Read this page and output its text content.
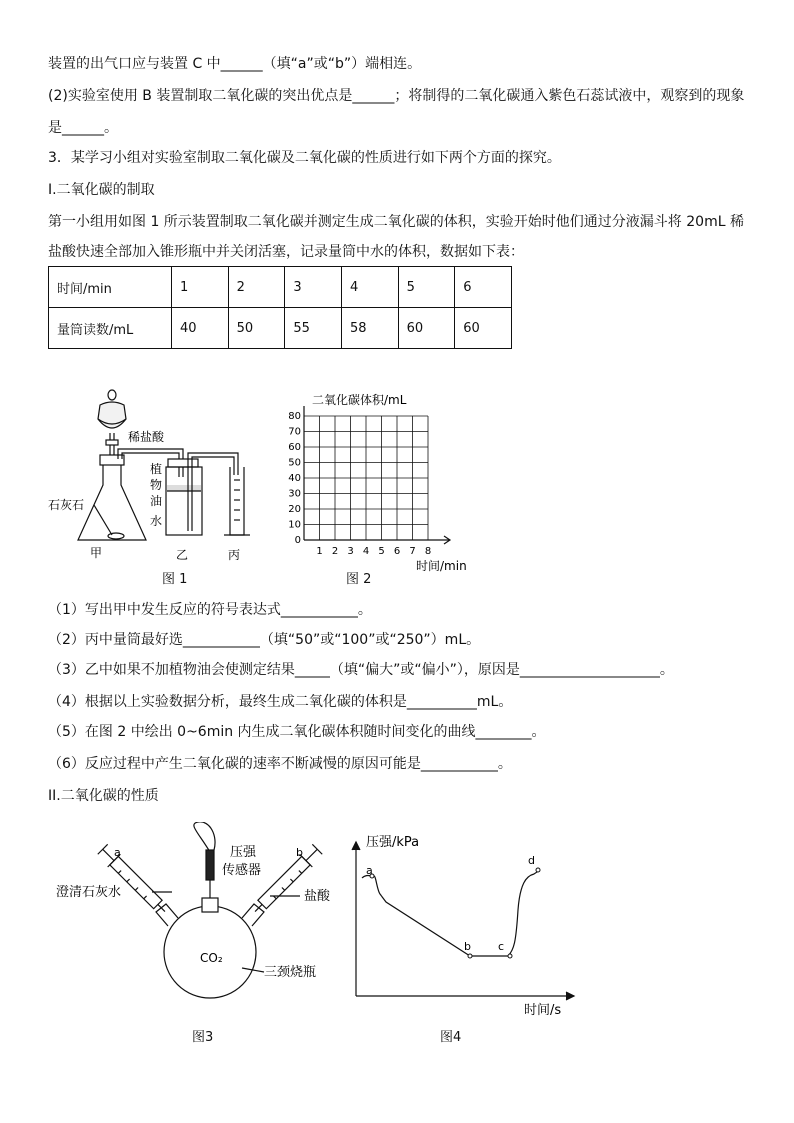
装置的出气口应与装置 C 中______（填“a”或“b”）端相连。
(2)实验室使用 B 装置制取二氧化碳的突出优点是______；将制得的二氧化碳通入紫色石蕊试液中，观察到的现象
是______。
3．某学习小组对实验室制取二氧化碳及二氧化碳的性质进行如下两个方面的探究。
I.二氧化碳的制取
第一小组用如图 1 所示装置制取二氧化碳并测定生成二氧化碳的体积，实验开始时他们通过分液漏斗将 20mL 稀
盐酸快速全部加入锥形瓶中并关闭活塞，记录量筒中水的体积，数据如下表：
时间/min	1	2	3	4	5	6
量筒读数/mL	40	50	55	58	60	60
稀盐酸
石灰石
植
物
油
水
甲	乙	丙
图 1
二氧化碳体积/mL
时间/min
0
10
20
30
40
50
60
70
80
1 2 3 4 5 6 7 8
图 2
（1）写出甲中发生反应的符号表达式___________。
（2）丙中量筒最好选___________（填“50”或“100”或“250”）mL。
（3）乙中如果不加植物油会使测定结果_____（填“偏大”或“偏小”），原因是____________________。
（4）根据以上实验数据分析，最终生成二氧化碳的体积是__________mL。
（5）在图 2 中绘出 0~6min 内生成二氧化碳体积随时间变化的曲线________。
（6）反应过程中产生二氧化碳的速率不断减慢的原因可能是___________。
II.二氧化碳的性质
a	b
压强
传感器
澄清石灰水	盐酸
CO₂
三颈烧瓶
图3
压强/kPa
时间/s
a
b c
d
图4
